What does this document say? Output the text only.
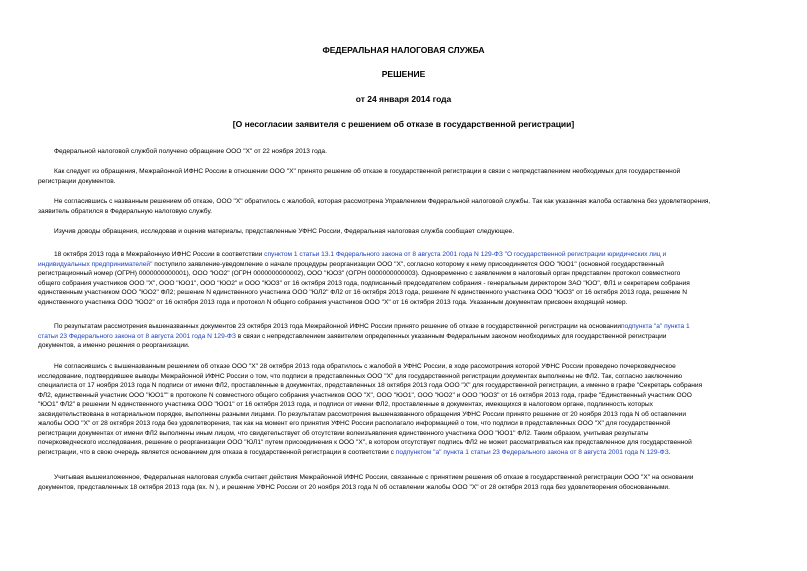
ФЕДЕРАЛЬНАЯ НАЛОГОВАЯ СЛУЖБА
РЕШЕНИЕ
от 24 января 2014 года
[О несогласии заявителя с решением об отказе в государственной регистрации]
Федеральной налоговой службой получено обращение ООО "Х" от 22 ноября 2013 года.
Как следует из обращения, Межрайонной ИФНС России в отношении ООО "Х" принято решение об отказе в государственной регистрации в связи с непредставлением необходимых для государственной
регистрации документов.
Не согласившись с названным решением об отказе, ООО "Х" обратилось с жалобой, которая рассмотрена Управлением Федеральной налоговой службы. Так как указанная жалоба оставлена без удовлетворения,
заявитель обратился в Федеральную налоговую службу.
Изучив доводы обращения, исследовав и оценив материалы, представленные УФНС России, Федеральная налоговая служба сообщает следующее.
18 октября 2013 года в Межрайонную ИФНС России в соответствии спунктом 1 статьи 13.1 Федерального закона от 8 августа 2001 года N 129-ФЗ "О государственной регистрации юридических лиц и
индивидуальных предпринимателей" поступило заявление-уведомление о начале процедуры реорганизации ООО "Х", согласно которому к нему присоединяется ООО "ЮО1" (основной государственный
регистрационный номер (ОГРН) 0000000000001), ООО "ЮО2" (ОГРН 0000000000002), ООО "ЮО3" (ОГРН 0000000000003). Одновременно с заявлением в налоговый орган представлен протокол совместного
общего собрания участников ООО "Х", ООО "ЮО1", ООО "ЮО2" и ООО "ЮО3" от 16 октября 2013 года, подписанный председателем собрания - генеральным директором ЗАО "ЮО", ФЛ1 и секретарем собрания
единственным участником ООО "ЮО2" ФЛ2; решение N единственного участника ООО "ЮЛ2" ФЛ2 от 16 октября 2013 года, решение N единственного участника ООО "ЮО3" от 16 октября 2013 года, решение N
единственного участника ООО "ЮО2" от 16 октября 2013 года и протокол N общего собрания участников ООО "Х" от 16 октября 2013 года. Указанным документам присвоен входящий номер.
По результатам рассмотрения вышеназванных документов 23 октября 2013 года Межрайонной ИФНС России принято решение об отказе в государственной регистрации на основанииподпункта "а" пункта 1
статьи 23 Федерального закона от 8 августа 2001 года N 129-ФЗ в связи с непредставлением заявителем определенных указанным Федеральным законом необходимых для государственной регистрации
документов, а именно решения о реорганизации.
Не согласившись с вышеназванным решением об отказе ООО "Х" 28 октября 2013 года обратилось с жалобой в УФНС России, в ходе рассмотрения которой УФНС России проведено почерковедческое
исследование, подтвердившее выводы Межрайонной ИФНС России о том, что подписи в представленных ООО "Х" для государственной регистрации документах выполнены не ФЛ2. Так, согласно заключению
специалиста от 17 ноября 2013 года N подписи от имени ФЛ2, проставленные в документах, представленных 18 октября 2013 года ООО "Х" для государственной регистрации, а именно в графе "Секретарь собрания
ФЛ2, единственный участник ООО "ЮО1"" в протоколе N совместного общего собрания участников ООО "Х", ООО "ЮО1", ООО "ЮО2" и ООО "ЮО3" от 16 октября 2013 года, графе "Единственный участник ООО
"ЮО1" ФЛ2" в решении N единственного участника ООО "ЮО1" от 16 октября 2013 года, и подписи от имени ФЛ2, проставленные в документах, имеющихся в налоговом органе, подлинность которых
засвидетельствована в нотариальном порядке, выполнены разными лицами. По результатам рассмотрения вышеназванного обращения УФНС России принято решение от 20 ноября 2013 года N об оставлении
жалобы ООО "Х" от 28 октября 2013 года без удовлетворения, так как на момент его принятия УФНС России располагало информацией о том, что подписи в представленных ООО "Х" для государственной
регистрации документах от имени ФЛ2 выполнены иным лицом, что свидетельствует об отсутствии волеизъявления единственного участника ООО "ЮО1" ФЛ2. Таким образом, учитывая результаты
почерковедческого исследования, решение о реорганизации ООО "ЮЛ1" путем присоединения к ООО "Х", в котором отсутствует подпись ФЛ2 не может рассматриваться как представленное для государственной
регистрации, что в свою очередь является основанием для отказа в государственной регистрации в соответствии с подпунктом "а" пункта 1 статьи 23 Федерального закона от 8 августа 2001 года N 129-ФЗ.
Учитывая вышеизложенное, Федеральная налоговая служба считает действия Межрайонной ИФНС России, связанные с принятием решения об отказе в государственной регистрации ООО "Х" на основании
документов, представленных 18 октября 2013 года (вх. N ), и решение УФНС России от 20 ноября 2013 года N об оставлении жалобы ООО "Х" от 28 октября 2013 года без удовлетворения обоснованными.
